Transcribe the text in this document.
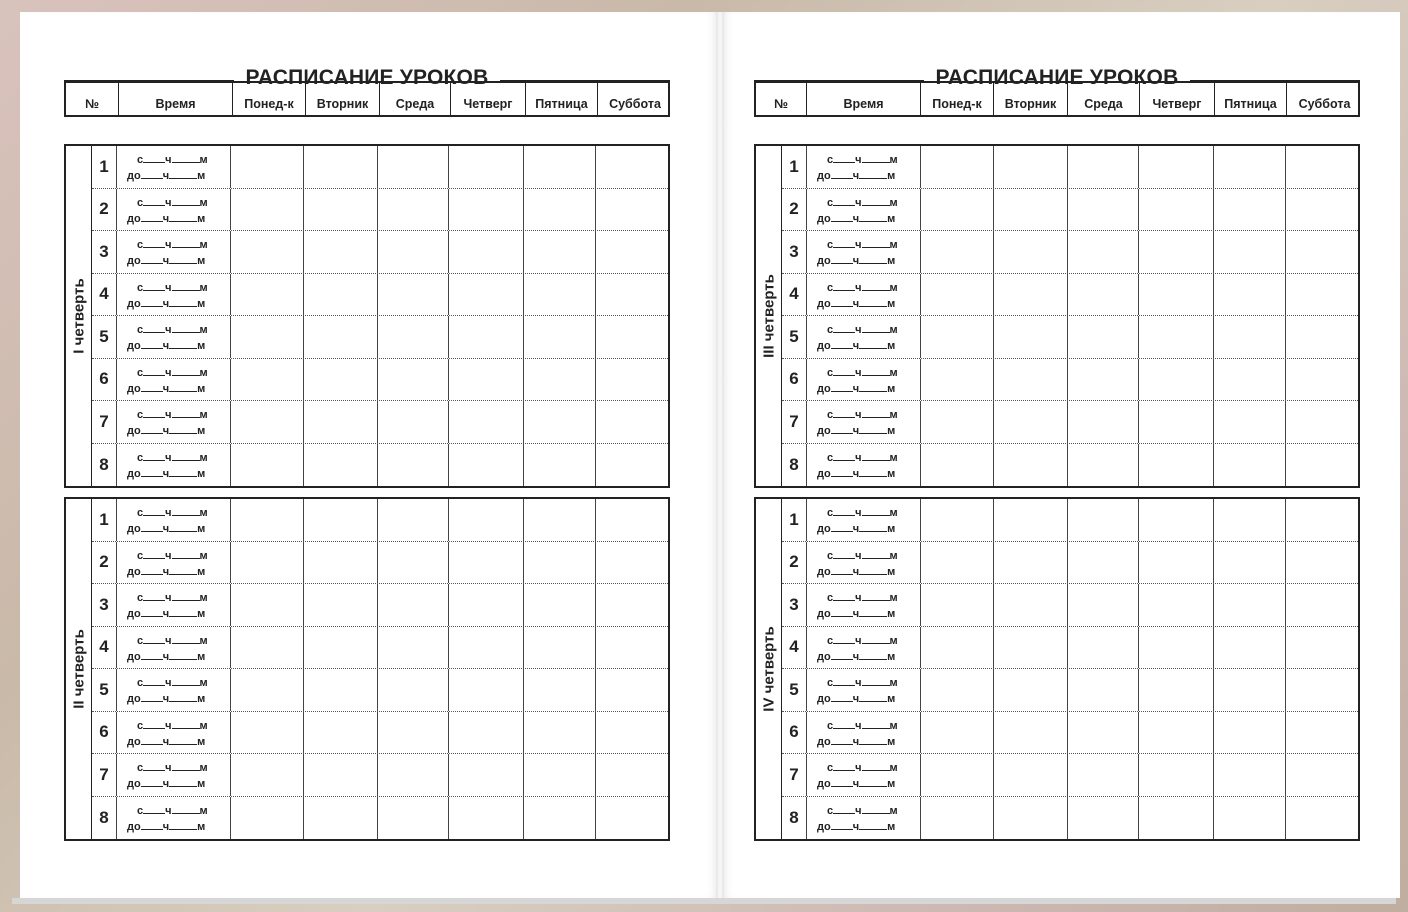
РАСПИСАНИЕ УРОКОВ
№	Время	Понед-к	Вторник	Среда	Четверг	Пятница	Суббота
I четверть
1	с ч	м
до ч	м
2	с ч	м
до ч	м
3	с ч	м
до ч	м
4	с ч	м
до ч	м
5	с ч	м
до ч	м
6	с ч	м
до ч	м
7	с ч	м
до ч	м
8	с ч	м
до ч	м
II четверть
1	с ч	м
до ч	м
2	с ч	м
до ч	м
3	с ч	м
до ч	м
4	с ч	м
до ч	м
5	с ч	м
до ч	м
6	с ч	м
до ч	м
7	с ч	м
до ч	м
8	с ч	м
до ч	м
РАСПИСАНИЕ УРОКОВ
№	Время	Понед-к	Вторник	Среда	Четверг	Пятница	Суббота
III четверть
1	с ч	м
до ч	м
2	с ч	м
до ч	м
3	с ч	м
до ч	м
4	с ч	м
до ч	м
5	с ч	м
до ч	м
6	с ч	м
до ч	м
7	с ч	м
до ч	м
8	с ч	м
до ч	м
IV четверть
1	с ч	м
до ч	м
2	с ч	м
до ч	м
3	с ч	м
до ч	м
4	с ч	м
до ч	м
5	с ч	м
до ч	м
6	с ч	м
до ч	м
7	с ч	м
до ч	м
8	с ч	м
до ч	м
